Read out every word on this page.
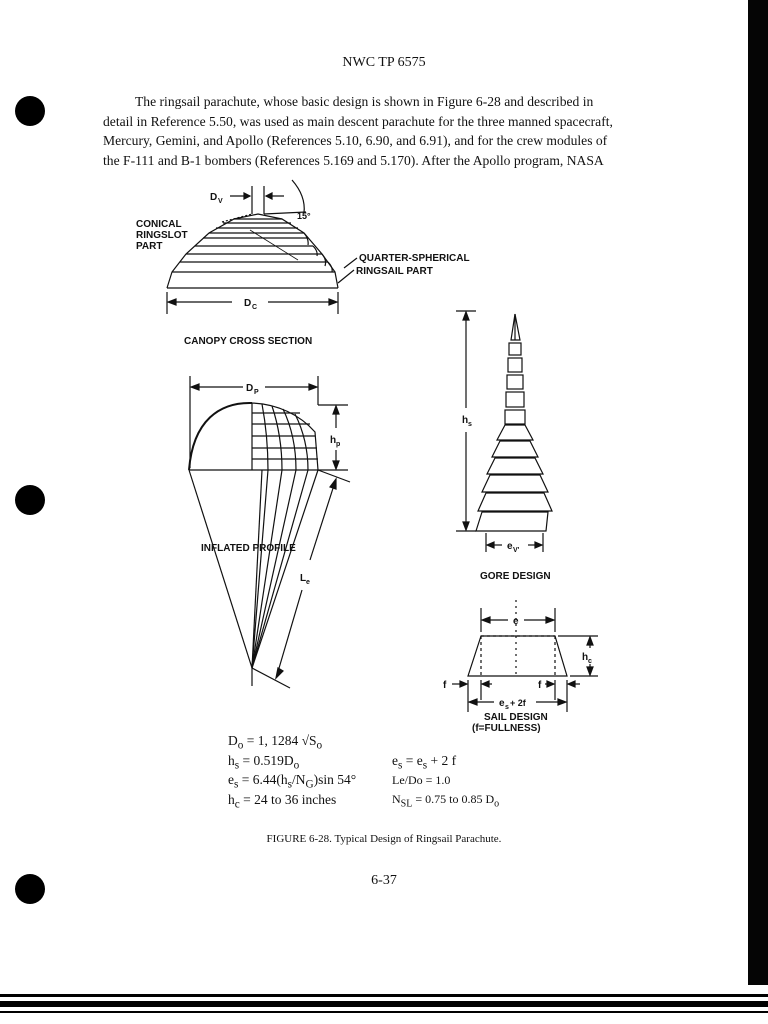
NWC TP 6575
The ringsail parachute, whose basic design is shown in Figure 6-28 and described in
detail in Reference 5.50, was used as main descent parachute for the three manned spacecraft,
Mercury, Gemini, and Apollo (References 5.10, 6.90, and 6.91), and for the crew modules of
the F-111 and B-1 bombers (References 5.169 and 5.170). After the Apollo program, NASA
D V
15°
CONICAL
RINGSLOT
PART
QUARTER-SPHERICAL
RINGSAIL PART
D C
CANOPY CROSS SECTION
D P
h p
INFLATED PROFILE
L e
h s
e V'
GORE DESIGN
e
h c
f	f
e s + 2f
SAIL DESIGN
(f=FULLNESS)
$D_o = 1$, 1284 $√S_o$
$h_s = 0.519D_o$
$e_s = 6.44(h_s/N_G)\sin$ 54°
$h_c = 24$ to 36 inches
$e_s = e_s + 2$ f
Le/Do = 1.0
$N_{SL} = 0.75$ to 0.85 $D_o$
FIGURE 6-28. Typical Design of Ringsail Parachute.
6-37
